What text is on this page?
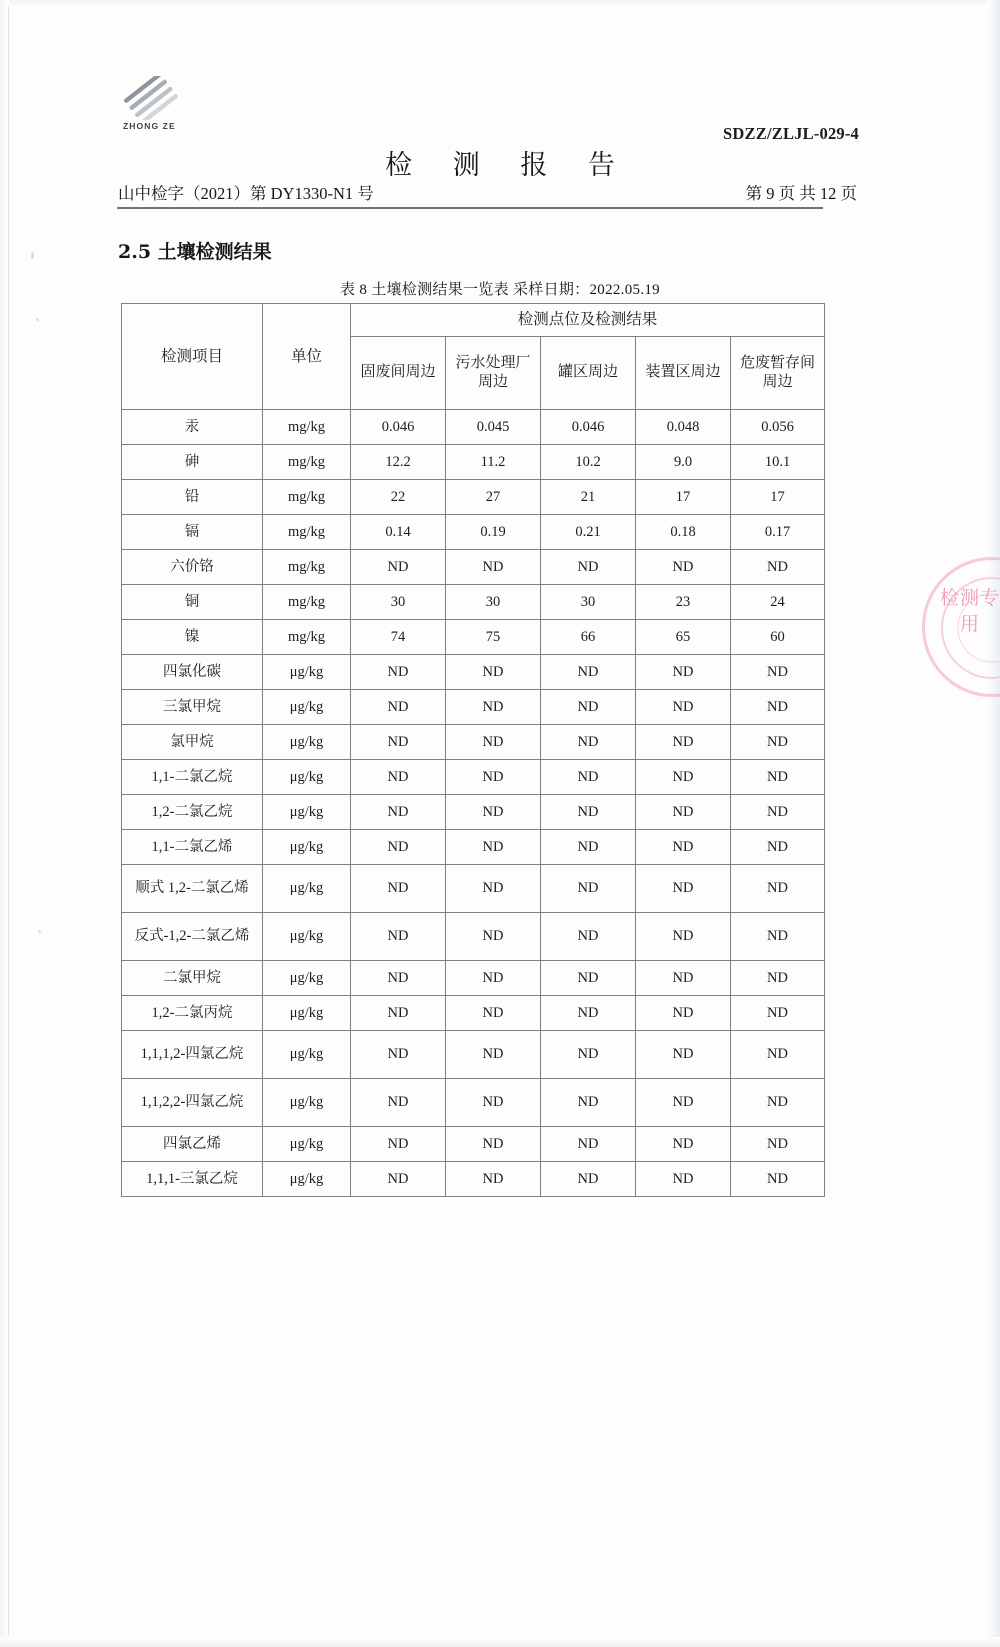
ZHONG ZE	SDZZ/ZLJL-029-4
检 测 报 告
山中检字（2021）第 DY1330-N1 号	第 9 页 共 12 页
2.5 土壤检测结果
表 8 土壤检测结果一览表 采样日期：2022.05.19
检测项目	单位	检测点位及检测结果				
		固废间周边	污水处理厂周边	罐区周边	装置区周边	危废暂存间周边
汞	mg/kg	0.046	0.045	0.046	0.048	0.056
砷	mg/kg	12.2	11.2	10.2	9.0	10.1
铅	mg/kg	22	27	21	17	17
镉	mg/kg	0.14	0.19	0.21	0.18	0.17
六价铬	mg/kg	ND	ND	ND	ND	ND
铜	mg/kg	30	30	30	23	24
镍	mg/kg	74	75	66	65	60
四氯化碳	μg/kg	ND	ND	ND	ND	ND
三氯甲烷	μg/kg	ND	ND	ND	ND	ND
氯甲烷	μg/kg	ND	ND	ND	ND	ND
1,1-二氯乙烷	μg/kg	ND	ND	ND	ND	ND
1,2-二氯乙烷	μg/kg	ND	ND	ND	ND	ND
1,1-二氯乙烯	μg/kg	ND	ND	ND	ND	ND
顺式 1,2-二氯乙烯	μg/kg	ND	ND	ND	ND	ND
反式-1,2-二氯乙烯	μg/kg	ND	ND	ND	ND	ND
二氯甲烷	μg/kg	ND	ND	ND	ND	ND
1,2-二氯丙烷	μg/kg	ND	ND	ND	ND	ND
1,1,1,2-四氯乙烷	μg/kg	ND	ND	ND	ND	ND
1,1,2,2-四氯乙烷	μg/kg	ND	ND	ND	ND	ND
四氯乙烯	μg/kg	ND	ND	ND	ND	ND
1,1,1-三氯乙烷	μg/kg	ND	ND	ND	ND	ND
检测专用
